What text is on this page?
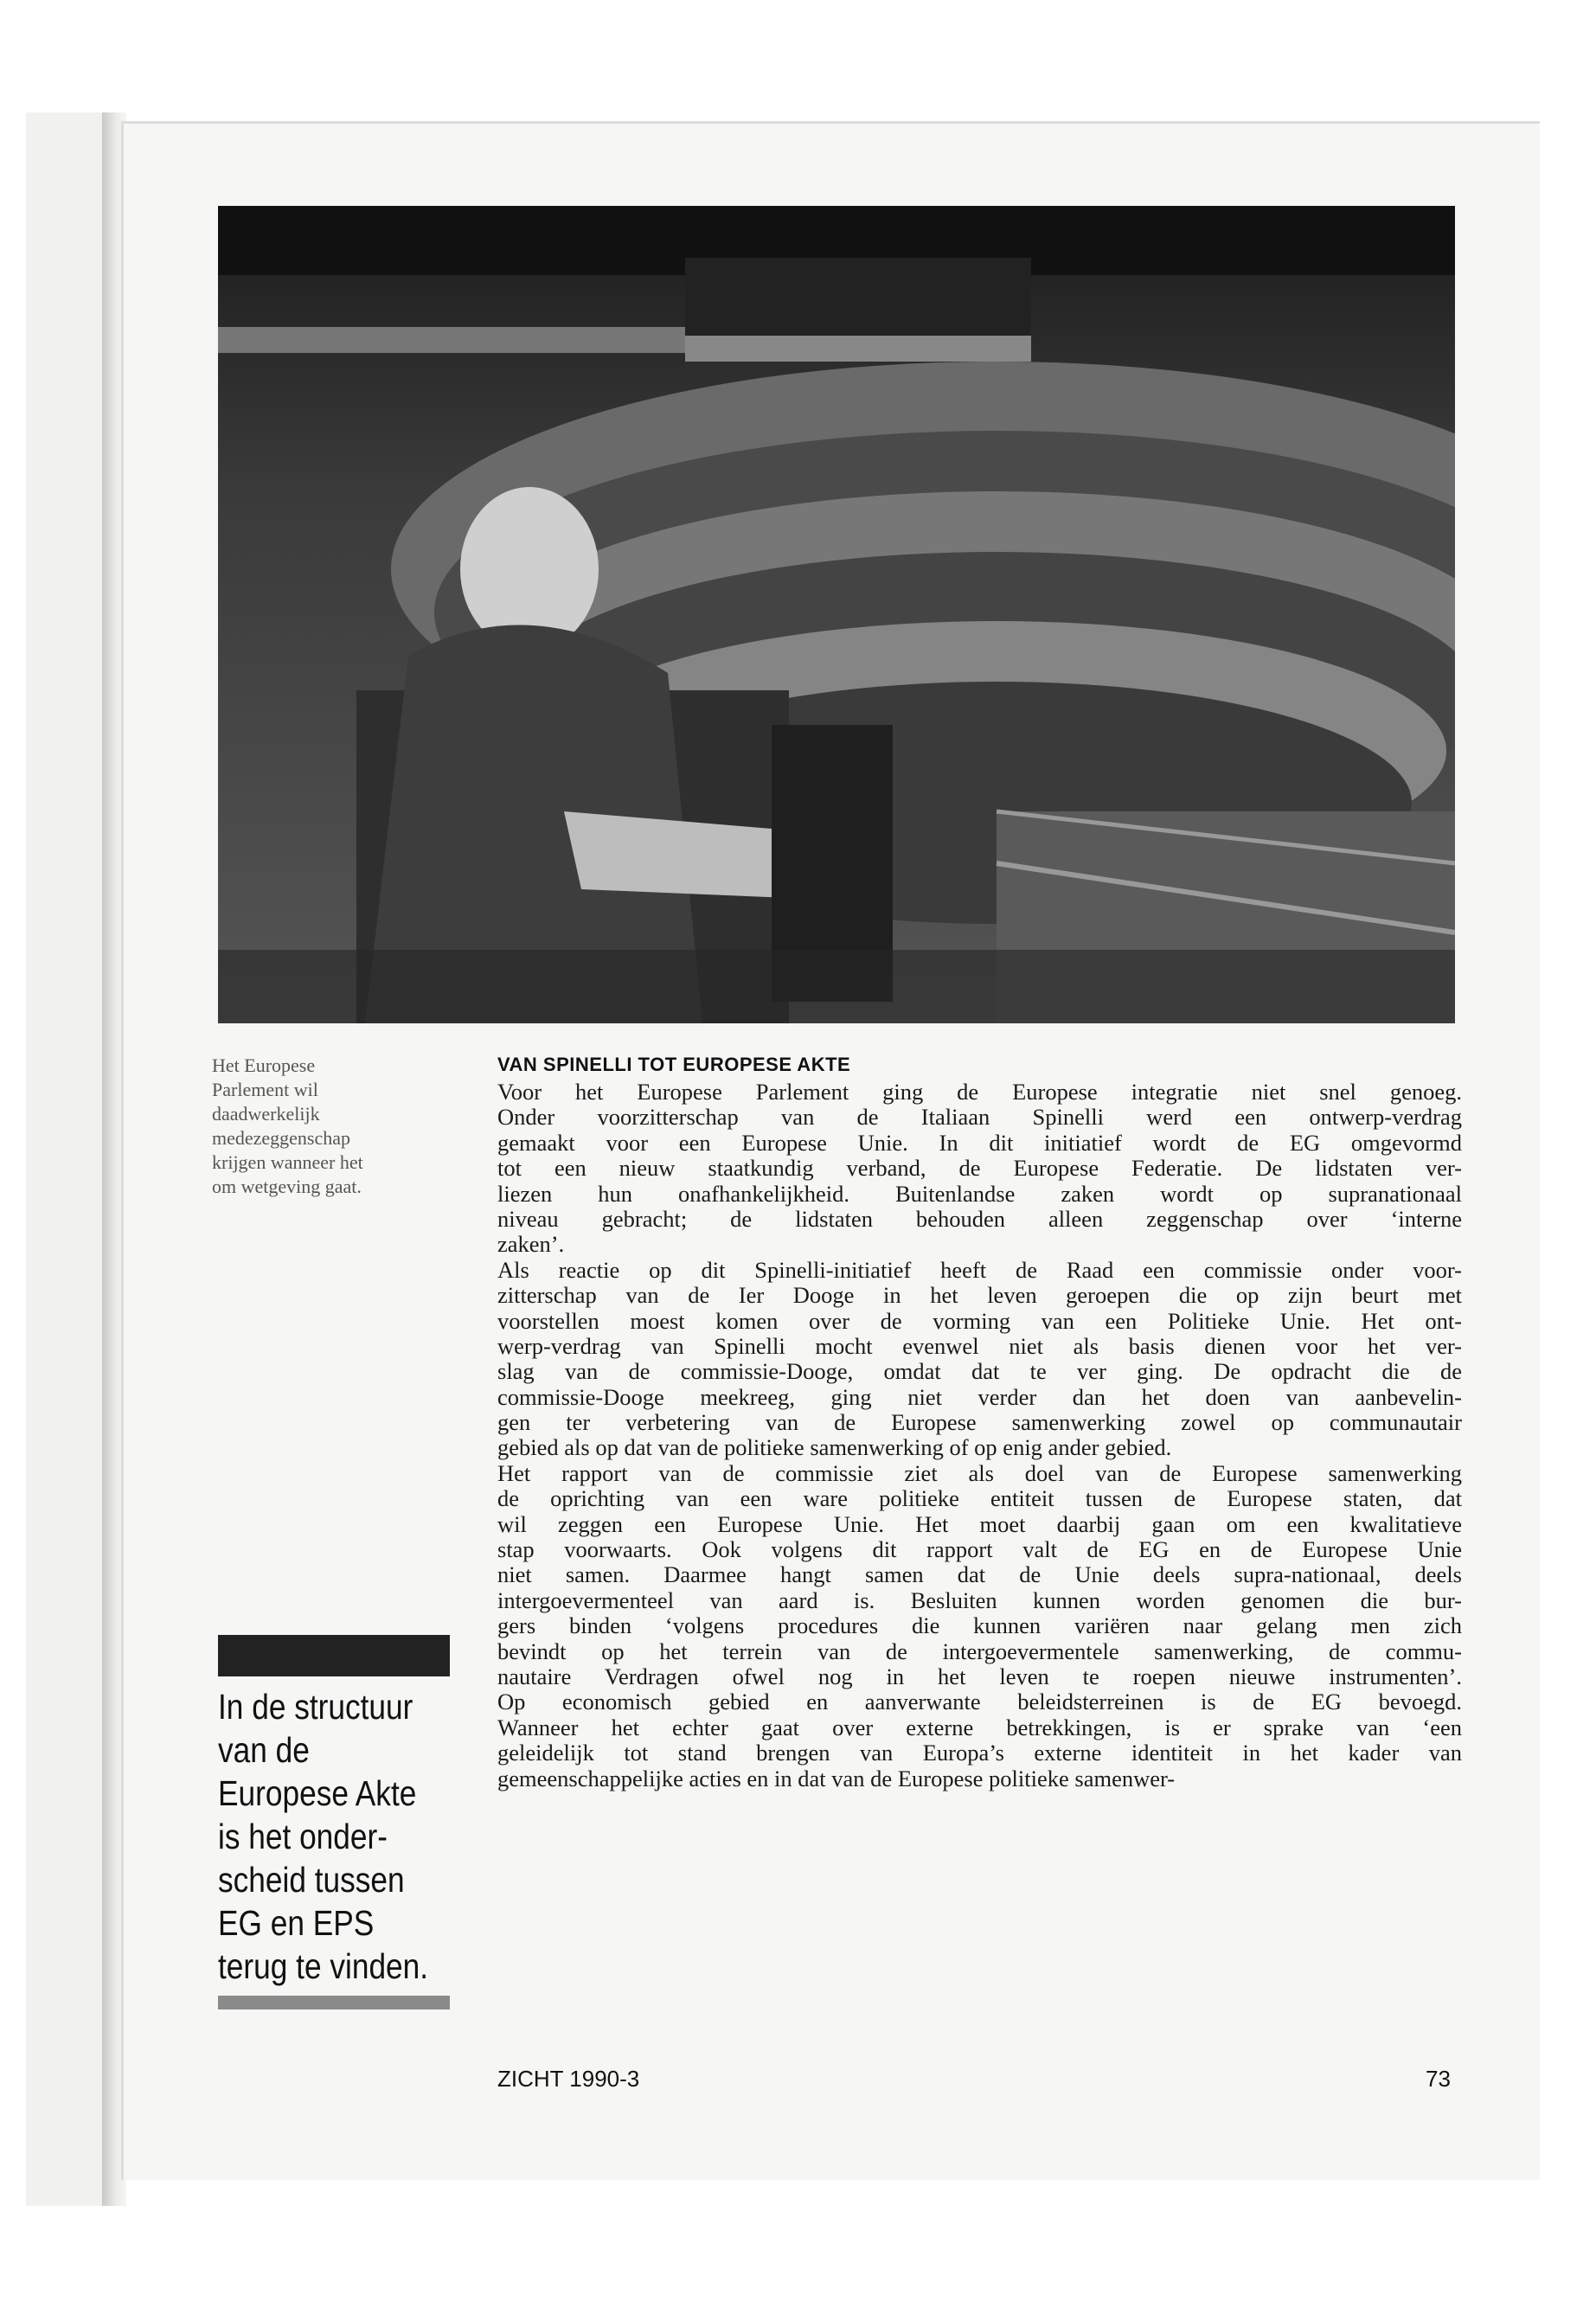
Het Europese
Parlement wil
daadwerkelijk
medezeggenschap
krijgen wanneer het
om wetgeving gaat.
In de structuur
van de
Europese Akte
is het onder-
scheid tussen
EG en EPS
terug te vinden.
VAN SPINELLI TOT EUROPESE AKTE

Voor het Europese Parlement ging de Europese integratie niet snel genoeg.
Onder voorzitterschap van de Italiaan Spinelli werd een ontwerp-verdrag
gemaakt voor een Europese Unie. In dit initiatief wordt de EG omgevormd
tot een nieuw staatkundig verband, de Europese Federatie. De lidstaten ver-
liezen hun onafhankelijkheid. Buitenlandse zaken wordt op supranationaal
niveau gebracht; de lidstaten behouden alleen zeggenschap over ‘interne
zaken’.

Als reactie op dit Spinelli-initiatief heeft de Raad een commissie onder voor-
zitterschap van de Ier Dooge in het leven geroepen die op zijn beurt met
voorstellen moest komen over de vorming van een Politieke Unie. Het ont-
werp-verdrag van Spinelli mocht evenwel niet als basis dienen voor het ver-
slag van de commissie-Dooge, omdat dat te ver ging. De opdracht die de
commissie-Dooge meekreeg, ging niet verder dan het doen van aanbevelin-
gen ter verbetering van de Europese samenwerking zowel op communautair
gebied als op dat van de politieke samenwerking of op enig ander gebied.

Het rapport van de commissie ziet als doel van de Europese samenwerking
de oprichting van een ware politieke entiteit tussen de Europese staten, dat
wil zeggen een Europese Unie. Het moet daarbij gaan om een kwalitatieve
stap voorwaarts. Ook volgens dit rapport valt de EG en de Europese Unie
niet samen. Daarmee hangt samen dat de Unie deels supra-nationaal, deels
intergoevermenteel van aard is. Besluiten kunnen worden genomen die bur-
gers binden ‘volgens procedures die kunnen variëren naar gelang men zich
bevindt op het terrein van de intergoevermentele samenwerking, de commu-
nautaire Verdragen ofwel nog in het leven te roepen nieuwe instrumenten’.
Op economisch gebied en aanverwante beleidsterreinen is de EG bevoegd.
Wanneer het echter gaat over externe betrekkingen, is er sprake van ‘een
geleidelijk tot stand brengen van Europa’s externe identiteit in het kader van
gemeenschappelijke acties en in dat van de Europese politieke samenwer-

ZICHT 1990-3	73
